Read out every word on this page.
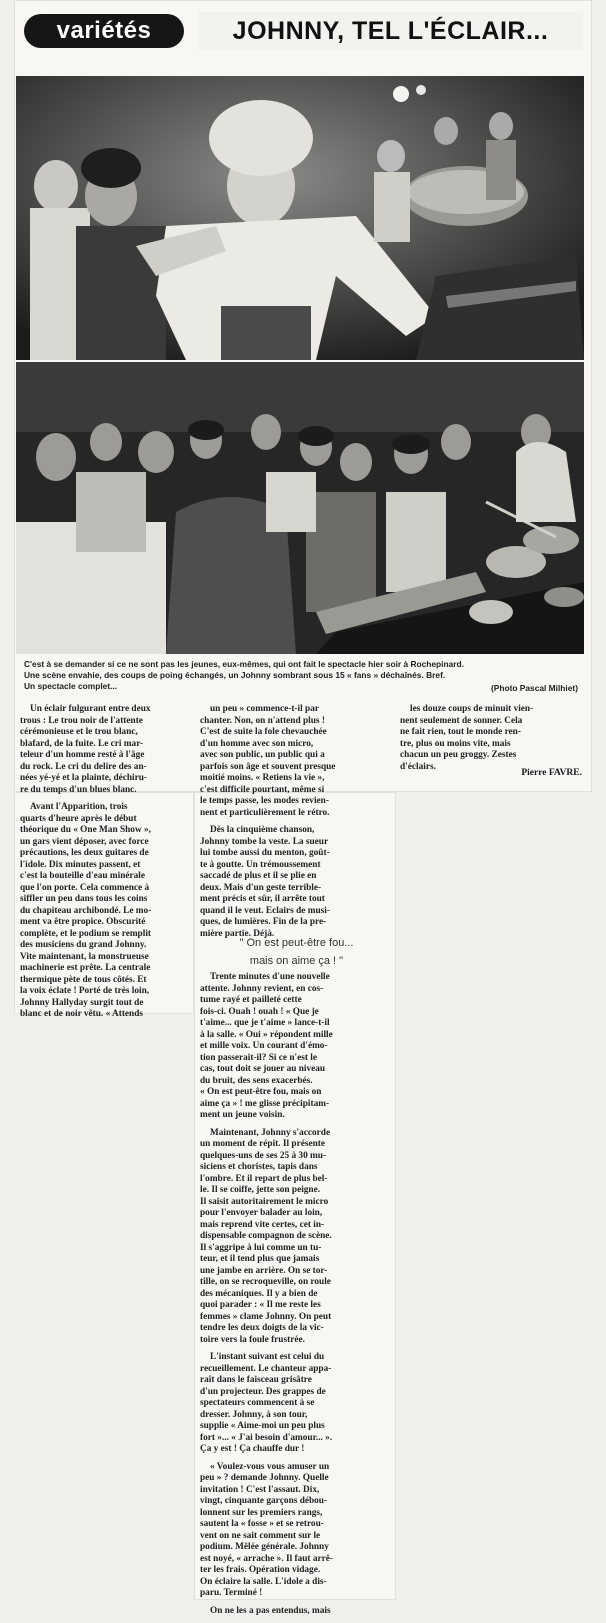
variétés	JOHNNY, TEL L'ÉCLAIR...
C'est à se demander si ce ne sont pas les jeunes, eux-mêmes, qui ont fait le spectacle hier soir à Rochepinard.
Une scène envahie, des coups de poing échangés, un Johnny sombrant sous 15 « fans » déchaînés. Bref.
Un spectacle complet...	(Photo Pascal Milhiet)

Un éclair fulgurant entre deux
trous : Le trou noir de l'attente
cérémonieuse et le trou blanc,
blafard, de la fuite. Le cri mar-
teleur d'un homme resté à l'âge
du rock. Le cri du delire des an-
nées yé-yé et la plainte, déchiru-
re du temps d'un blues blanc.

Avant l'Apparition, trois
quarts d'heure après le début
théorique du « One Man Show »,
un gars vient déposer, avec force
précautions, les deux guitares de
l'idole. Dix minutes passent, et
c'est la bouteille d'eau minérale
que l'on porte. Cela commence à
siffler un peu dans tous les coins
du chapiteau archibondé. Le mo-
ment va être propice. Obscurité
complète, et le podium se remplit
des musiciens du grand Johnny.
Vite maintenant, la monstrueuse
machinerie est prête. La centrale
thermique pète de tous côtés. Et
la voix éclate ! Porté de très loin,
Johnny Hallyday surgit tout de
blanc et de noir vêtu. « Attends

un peu » commence-t-il par
chanter. Non, on n'attend plus !
C'est de suite la fole chevauchée
d'un homme avec son micro,
avec son public, un public qui a
parfois son âge et souvent presque
moitié moins. « Retiens la vie »,
c'est difficile pourtant, même si
le temps passe, les modes revien-
nent et particulièrement le rétro.

Dès la cinquième chanson,
Johnny tombe la veste. La sueur
lui tombe aussi du menton, goût-
te à goutte. Un trémoussement
saccadé de plus et il se plie en
deux. Mais d'un geste terrible-
ment précis et sûr, il arrête tout
quand il le veut. Eclairs de musi-
ques, de lumières. Fin de la pre-
mière partie. Déjà.

" On est peut-être fou...
mais on aime ça ! "

Trente minutes d'une nouvelle
attente. Johnny revient, en cos-
tume rayé et pailleté cette
fois-ci. Ouah ! ouah ! « Que je
t'aime... que je t'aime » lance-t-il
à la salle. « Oui » répondent mille
et mille voix. Un courant d'émo-
tion passerait-il? Si ce n'est le
cas, tout doit se jouer au niveau
du bruit, des sens exacerbés.
« On est peut-être fou, mais on
aime ça » ! me glisse précipitam-
ment un jeune voisin.

Maintenant, Johnny s'accorde
un moment de répit. Il présente
quelques-uns de ses 25 à 30 mu-
siciens et choristes, tapis dans
l'ombre. Et il repart de plus bel-
le. Il se coiffe, jette son peigne.
Il saisit autoritairement le micro
pour l'envoyer balader au loin,
mais reprend vite certes, cet in-
dispensable compagnon de scène.
Il s'aggripe à lui comme un tu-
teur, et il tend plus que jamais
une jambe en arrière. On se tor-
tille, on se recroqueville, on roule
des mécaniques. Il y a bien de
quoi parader : « Il me reste les
femmes » clame Johnny. On peut
tendre les deux doigts de la vic-
toire vers la foule frustrée.

L'instant suivant est celui du
recueillement. Le chanteur appa-
raît dans le faisceau grisâtre
d'un projecteur. Des grappes de
spectateurs commencent à se
dresser. Johnny, à son tour,
supplie « Aime-moi un peu plus
fort »... « J'ai besoin d'amour... ».
Ça y est ! Ça chauffe dur !

« Voulez-vous vous amuser un
peu » ? demande Johnny. Quelle
invitation ! C'est l'assaut. Dix,
vingt, cinquante garçons débou-
lonnent sur les premiers rangs,
sautent la « fosse » et se retrou-
vent on ne sait comment sur le
podium. Mêlée générale. Johnny
est noyé, « arrache ». Il faut arrê-
ter les frais. Opération vidage.
On éclaire la salle. L'idole a dis-
paru. Terminé !

On ne les a pas entendus, mais

les douze coups de minuit vien-
nent seulement de sonner. Cela
ne fait rien, tout le monde ren-
tre, plus ou moins vite, mais
chacun un peu groggy. Zestes
d'éclairs.

Pierre FAVRE.
